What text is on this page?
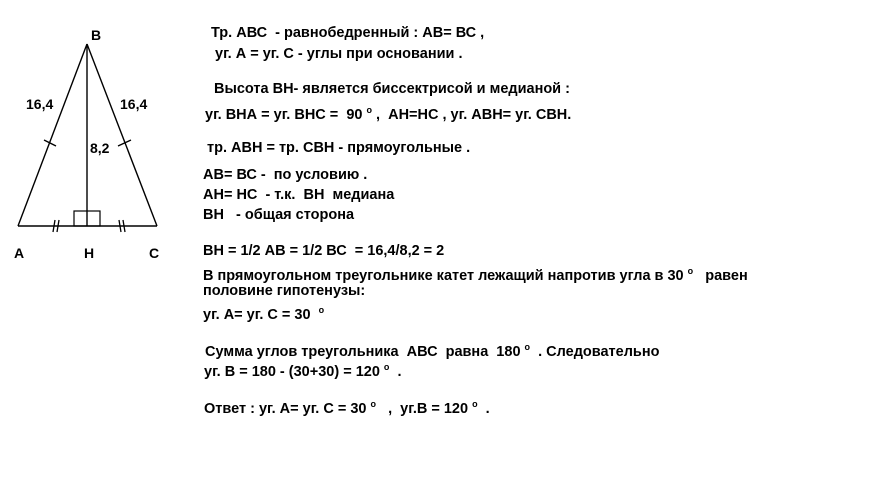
B
A	H	C
16,4	16,4
8,2
Тр. АВС  - равнобедренный : АВ= ВС ,
уг. А = уг. С - углы при основании .
Высота ВН- является биссектрисой и медианой :
уг. ВНА = уг. ВНС =  90 $^о$ ,  АН=НС , уг. АВН= уг. СВН.
тр. АВН = тр. СВН - прямоугольные .
АВ= ВС -  по условию .
АН= НС  - т.к.  ВН  медиана
ВН   - общая сторона
ВН = 1/2 АВ = 1/2 ВС  = 16,4/8,2 = 2
В прямоугольном треугольнике катет лежащий напротив угла в 30 $^о$   равен
половине гипотенузы:
уг. А= уг. С = 30  $^о$
Сумма углов треугольника  АВС  равна  180 $^о$  . Следовательно
уг. В = 180 - (30+30) = 120 $^о$  .
Ответ : уг. А= уг. С = 30 $^о$   ,  уг.В = 120 $^о$  .
